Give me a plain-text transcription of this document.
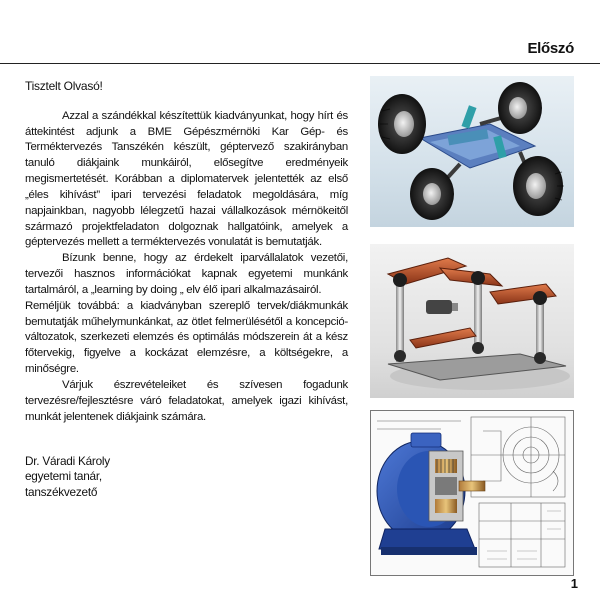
Előszó

Tisztelt Olvasó!

Azzal a szándékkal készítettük kiadványunkat, hogy hírt és áttekintést adjunk a BME Gépészmérnöki Kar Gép- és Terméktervezés Tanszékén készült, géptervező szakirányban tanuló diákjaink munkáiról, elősegítve eredményeik megismertetését. Korábban a diplomatervek jelentették az első „éles kihívást” ipari tervezési feladatok megoldására, míg napjainkban, nagyobb lélegzetű hazai vállalkozások mérnökeitől származó projektfeladaton dolgoznak hallgatóink, amelyek a géptervezés mellett a terméktervezés vonulatát is bemutatják.

Bízunk benne, hogy az érdekelt iparvállalatok vezetői, tervezői hasznos információkat kapnak egyetemi munkánk tartalmáról, a „learning by doing „ elv élő ipari alkalmazásairól.

Reméljük továbbá: a kiadványban szereplő tervek/diákmunkák bemutatják műhelymunkánkat, az ötlet felmerülésétől a koncepció-változatok, szerkezeti elemzés és optimálás módszerein át a kész főtervekig, figyelve a kockázat elemzésre, a költségekre, a minőségre.

Várjuk észrevételeiket és szívesen fogadunk tervezésre/fejlesztésre váró feladatokat, amelyek igazi kihívást, munkát jelentenek diákjaink számára.

Dr. Váradi Károly
egyetemi tanár,
tanszékvezető

1
